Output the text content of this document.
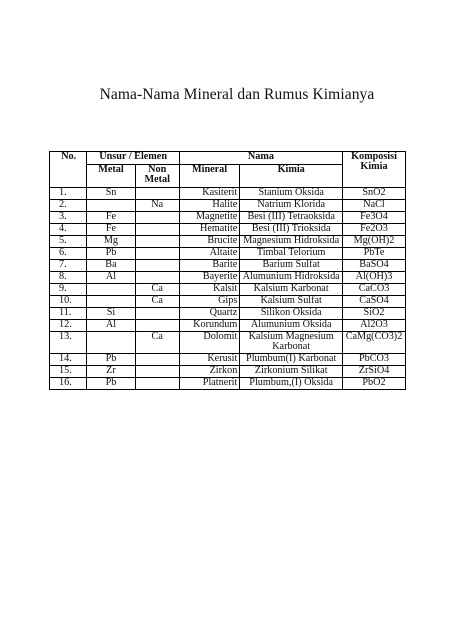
Nama-Nama Mineral dan Rumus Kimianya
No.	Unsur / Elemen		Nama		Komposisi Kimia
	Metal	Non Metal	Mineral	Kimia	
1.	Sn		Kasiterit	Stanium Oksida	SnO2
2.		Na	Halite	Natrium Klorida	NaCl
3.	Fe		Magnetite	Besi (III) Tetraoksida	Fe3O4
4.	Fe		Hematite	Besi (III) Trioksida	Fe2O3
5.	Mg		Brucite	Magnesium Hidroksida	Mg(OH)2
6.	Pb		Altaite	Timbal Telorium	PbTe
7.	Ba		Barite	Barium Sulfat	BaSO4
8.	Al		Bayerite	Alumunium Hidroksida	Al(OH)3
9.		Ca	Kalsit	Kalsium Karbonat	CaCO3
10.		Ca	Gips	Kalsium Sulfat	CaSO4
11.	Si		Quartz	Silikon Oksida	SiO2
12.	Al		Korundum	Alumunium Oksida	Al2O3
13.		Ca	Dolomit	Kalsium Magnesium Karbonat	CaMg(CO3)2
14.	Pb		Kerusit	Plumbum(I) Karbonat	PbCO3
15.	Zr		Zirkon	Zirkonium Silikat	ZrSiO4
16.	Pb		Platnerit	Plumbum,(I) Oksida	PbO2
